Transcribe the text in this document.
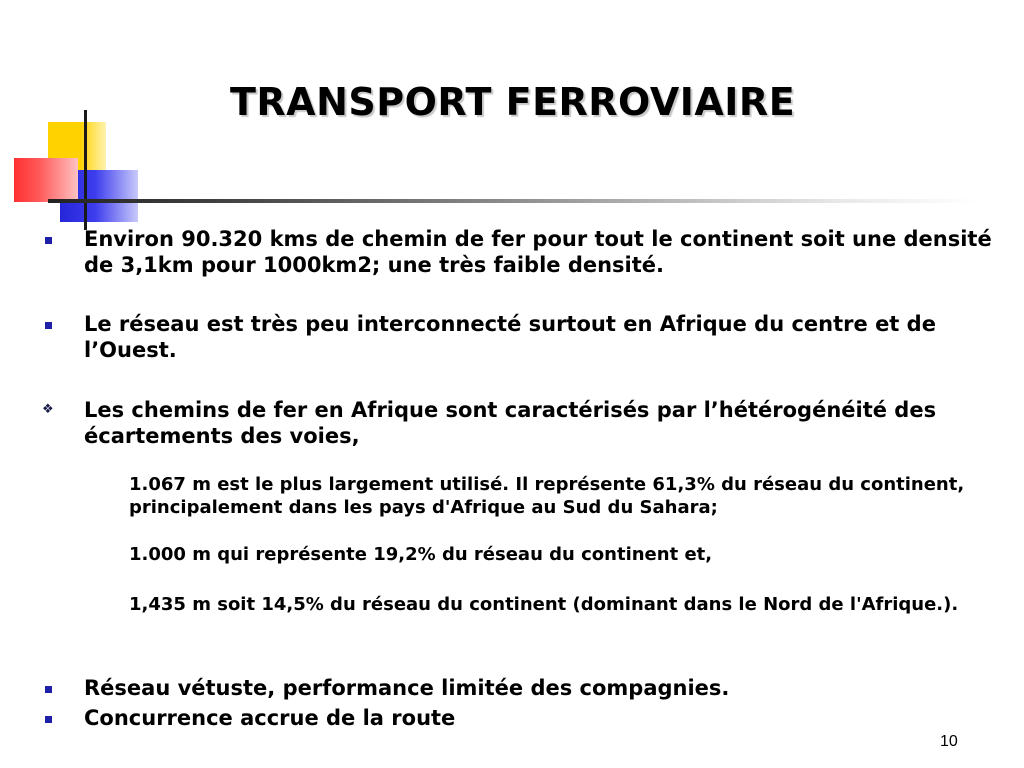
TRANSPORT FERROVIAIRE
Environ 90.320 kms de chemin de fer pour tout le continent soit une densité de 3,1km pour 1000km2; une très faible densité.
Le réseau est très peu interconnecté surtout en Afrique du centre et de l’Ouest.
❖ Les chemins de fer en Afrique sont caractérisés par l’hétérogénéité des écartements des voies,
1.067 m est le plus largement utilisé. Il représente 61,3% du réseau du continent, principalement dans les pays d'Afrique au Sud du Sahara;
1.000 m qui représente 19,2% du réseau du continent et,
1,435 m soit 14,5% du réseau du continent (dominant dans le Nord de l'Afrique.).
Réseau vétuste, performance limitée des compagnies.
Concurrence accrue de la route
10
